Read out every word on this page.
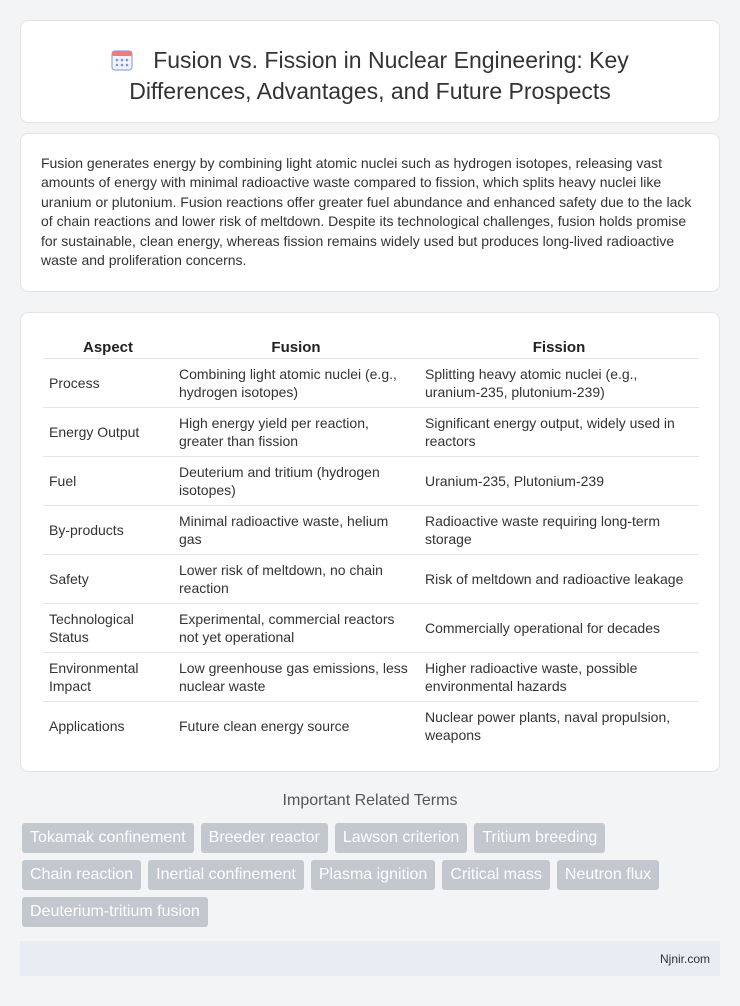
Fusion vs. Fission in Nuclear Engineering: Key Differences, Advantages, and Future Prospects

Fusion generates energy by combining light atomic nuclei such as hydrogen isotopes, releasing vast amounts of energy with minimal radioactive waste compared to fission, which splits heavy nuclei like uranium or plutonium. Fusion reactions offer greater fuel abundance and enhanced safety due to the lack of chain reactions and lower risk of meltdown. Despite its technological challenges, fusion holds promise for sustainable, clean energy, whereas fission remains widely used but produces long-lived radioactive waste and proliferation concerns.

Aspect	Fusion	Fission
Process	Combining light atomic nuclei (e.g., hydrogen isotopes)	Splitting heavy atomic nuclei (e.g., uranium-235, plutonium-239)
Energy Output	High energy yield per reaction, greater than fission	Significant energy output, widely used in reactors
Fuel	Deuterium and tritium (hydrogen isotopes)	Uranium-235, Plutonium-239
By-products	Minimal radioactive waste, helium gas	Radioactive waste requiring long-term storage
Safety	Lower risk of meltdown, no chain reaction	Risk of meltdown and radioactive leakage
Technological Status	Experimental, commercial reactors not yet operational	Commercially operational for decades
Environmental Impact	Low greenhouse gas emissions, less nuclear waste	Higher radioactive waste, possible environmental hazards
Applications	Future clean energy source	Nuclear power plants, naval propulsion, weapons
Important Related Terms
Tokamak confinement	Breeder reactor	Lawson criterion	Tritium breeding
Chain reaction	Inertial confinement	Plasma ignition	Critical mass	Neutron flux
Deuterium-tritium fusion
Njnir.com
